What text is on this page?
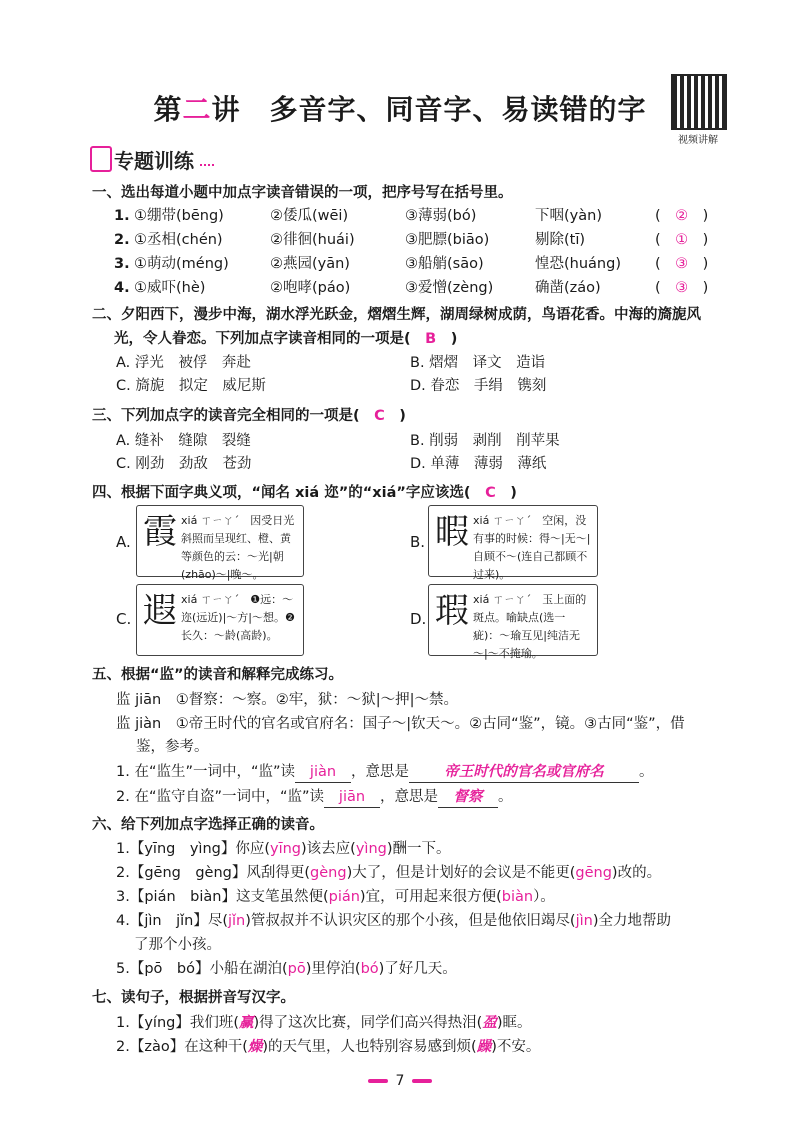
第二讲　 多音字、同音字、易读错的字
视频讲解
专题训练
一、选出每道小题中加点字读音错误的一项，把序号写在括号里。
1. ①绷带(bēng)	②倭瓜(wēi)	③薄弱(bó)	下咽(yàn)	(　②　)
2. ①丞相(chén)	②徘徊(huái)	③肥膘(biāo)	剔除(tī)	(　①　)
3. ①萌动(méng)	②燕园(yān)	③船艄(sāo)	惶恐(huáng) (　③　)
4. ①威吓(hè)	②咆哮(páo)	③爱憎(zèng)	确凿(záo)	(　③　)
二、夕阳西下，漫步中海，湖水浮光跃金，熠熠生辉，湖周绿树成荫，鸟语花香。中海的旖旎风
光，令人眷恋。下列加点字读音相同的一项是(　 B　)
A. 浮光　被俘　奔赴	B. 熠熠　译文　造诣
C. 旖旎　拟定　威尼斯	D. 眷恋　手绢　镌刻
三、下列加点字的读音完全相同的一项是(　 C　)
A. 缝补　缝隙　裂缝	B. 削弱　剥削　削苹果
C. 刚劲　劲敌　苍劲	D. 单薄　薄弱　薄纸
四、根据下面字典义项，“闻名 xiá 迩”的“xiá”字应该选(　 C　)
A. 霞 xiá ㄒㄧㄚˊ　因受日光斜照而呈现红、橙、黄等颜色的云：～光|朝(zhāo)～|晚～。
B. 暇 xiá ㄒㄧㄚˊ　空闲，没有事的时候：得～|无～|自顾不～(连自己都顾不过来)。
C. 遐 xiá ㄒㄧㄚˊ　❶远：～迩(远近)|～方|～想。❷长久：～龄(高龄)。
D. 瑕 xiá ㄒㄧㄚˊ　玉上面的斑点。喻缺点(选一疵)：～瑜互见|纯洁无～|～不掩瑜。
五、根据“监”的读音和解释完成练习。
监 jiān　①督察：～察。②牢，狱：～狱|～押|～禁。
监 jiàn　①帝王时代的官名或官府名：国子～|钦天～。②古同“鉴”，镜。③古同“鉴”，借
鉴，参考。
1. 在“监生”一词中，“监”读 jiàn ，意思是 帝王时代的官名或官府名 。
2. 在“监守自盗”一词中，“监”读 jiān ，意思是 督察 。
六、给下列加点字选择正确的读音。
1.【yīng　yìng】你应(yīng)该去应(yìng)酬一下。
2.【gēng　gèng】风刮得更(gèng)大了，但是计划好的会议是不能更(gēng)改的。
3.【pián　biàn】这支笔虽然便(pián)宜，可用起来很方便(biàn）。
4.【jìn　jǐn】尽(jǐn)管叔叔并不认识灾区的那个小孩，但是他依旧竭尽(jìn)全力地帮助
了那个小孩。
5.【pō　bó】小船在湖泊(pō)里停泊(bó)了好几天。
七、读句子，根据拼音写汉字。
1.【yíng】我们班(赢)得了这次比赛，同学们高兴得热泪(盈)眶。
2.【zào】在这种干(燥)的天气里，人也特别容易感到烦(躁)不安。
7
